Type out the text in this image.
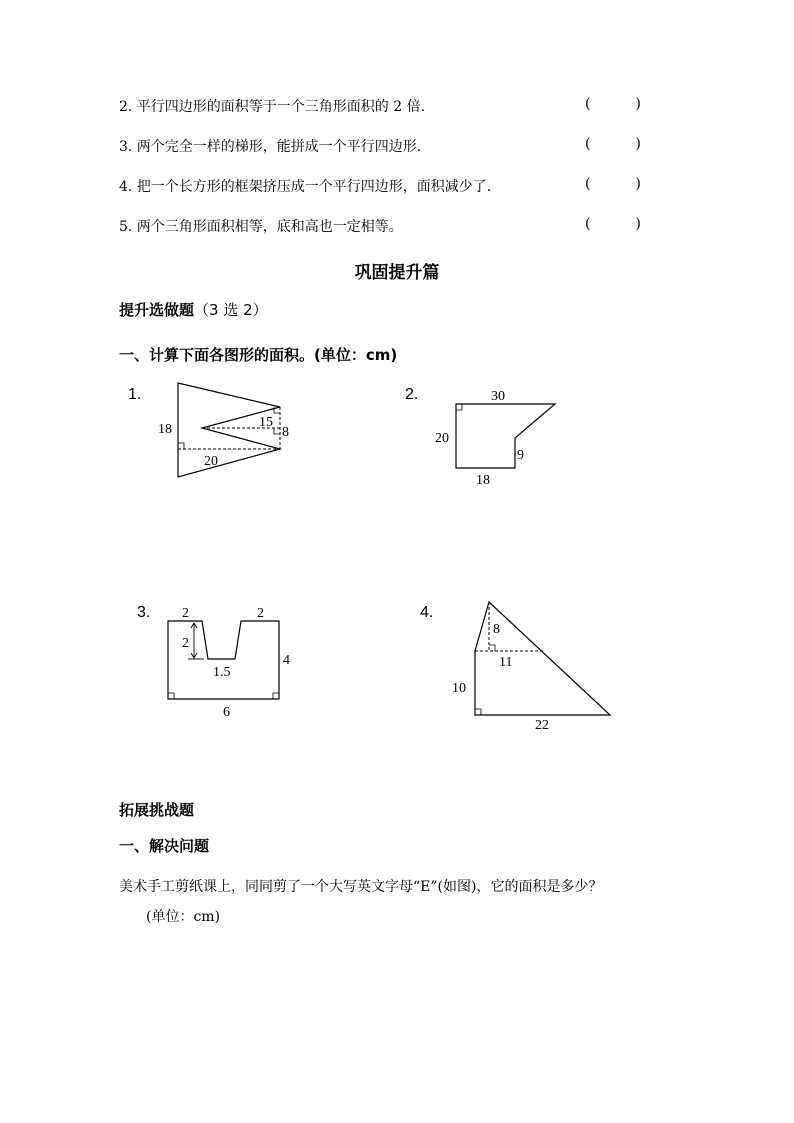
2. 平行四边形的面积等于一个三角形面积的 2 倍.	(	)
3. 两个完全一样的梯形，能拼成一个平行四边形.	(	)
4. 把一个长方形的框架挤压成一个平行四边形，面积减少了.	(	)
5. 两个三角形面积相等，底和高也一定相等。	(	)
巩固提升篇
提升选做题（3 选 2）
一、计算下面各图形的面积。(单位：cm)
1.
18	15
8
20
2.	30
20
9
18
3. 2	2
2
1.5
4
6
4.
8
11
10
22
拓展挑战题
一、解决问题
美术手工剪纸课上，同同剪了一个大写英文字母“E”(如图)，它的面积是多少？
(单位：cm)
